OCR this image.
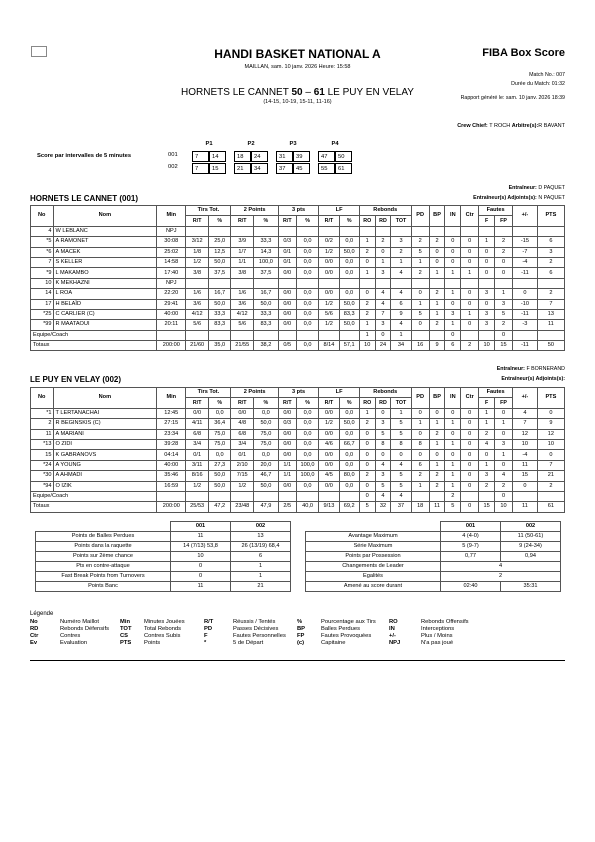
HANDI BASKET NATIONAL A	FIBA Box Score
MAILLAN, sam. 10 janv. 2026 Heure: 15:58
Match No.: 007
Durée du Match: 01:32
Rapport généré le: sam. 10 janv. 2026 18:39
HORNETS LE CANNET 50 – 61 LE PUY EN VELAY
(14-15, 10-19, 15-11, 11-16)
Crew Chief: T ROCH Arbitre(s):R BAVANT
Score par intervalles de 5 minutes
P1	P2	P3	P4
001	7	14	18	24	31	39	47	50
002	7	15	21	34	37	45	55	61
Entraîneur: D PAQUET
HORNETS LE CANNET (001)	Entraîneur(s) Adjoints(s): N PAQUET
No	Nom	Min	Tirs Tot.		2 Points		3 pts		LF		Rebonds			PD	BP	IN	Ctr	Fautes		+/-	PTS
			R/T	%	R/T	%	R/T	%	R/T	%	RO	RD	TOT					F	FP		
4	W LEBLANC	NPJ																			
*5	A RAMONET	30:08	3/12	25,0	3/9	33,3	0/3	0,0	0/2	0,0	1	2	3	2	2	0	0	1	2	-15	6
*6	A MACEK	25:02	1/8	12,5	1/7	14,3	0/1	0,0	1/2	50,0	2	0	2	5	0	0	0	0	2	-7	3
7	S KELLER	14:58	1/2	50,0	1/1	100,0	0/1	0,0	0/0	0,0	0	1	1	1	0	0	0	0	0	-4	2
*9	L MAKAMBO	17:40	3/8	37,5	3/8	37,5	0/0	0,0	0/0	0,0	1	3	4	2	1	1	1	0	0	-11	6
10	K MEKHAZNI	NPJ																			
14	L ROA	22:20	1/6	16,7	1/6	16,7	0/0	0,0	0/0	0,0	0	4	4	0	2	1	0	3	1	0	2
17	H BELAÏD	29:41	3/6	50,0	3/6	50,0	0/0	0,0	1/2	50,0	2	4	6	1	1	0	0	0	3	-10	7
*25	C CARLIER (C)	40:00	4/12	33,3	4/12	33,3	0/0	0,0	5/6	83,3	2	7	9	5	1	3	1	3	5	-11	13
*99	R MAATAOUI	20:11	5/6	83,3	5/6	83,3	0/0	0,0	1/2	50,0	1	3	4	0	2	1	0	3	2	-3	11
Equipe/Coach											1	0	1			0			0		
Totaux		200:00	21/60	35,0	21/55	38,2	0/5	0,0	8/14	57,1	10	24	34	16	9	6	2	10	15	-11	50
Entraîneur: F BORNERAND
LE PUY EN VELAY (002)	Entraîneur(s) Adjoints(s):
No	Nom	Min	Tirs Tot.		2 Points		3 pts		LF		Rebonds			PD	BP	IN	Ctr	Fautes		+/-	PTS
			R/T	%	R/T	%	R/T	%	R/T	%	RO	RD	TOT					F	FP		
*1	T LERTANACHAI	12:45	0/0	0,0	0/0	0,0	0/0	0,0	0/0	0,0	1	0	1	0	0	0	0	1	0	4	0
2	R BEGINSKIS (C)	27:15	4/11	36,4	4/8	50,0	0/3	0,0	1/2	50,0	2	3	5	1	1	1	0	1	1	7	9
11	A MARIANI	23:34	6/8	75,0	6/8	75,0	0/0	0,0	0/0	0,0	0	5	5	0	2	0	0	2	0	12	12
*13	O ZIDI	39:28	3/4	75,0	3/4	75,0	0/0	0,0	4/6	66,7	0	8	8	8	1	1	0	4	3	10	10
15	K GABRANOVS	04:14	0/1	0,0	0/1	0,0	0/0	0,0	0/0	0,0	0	0	0	0	0	0	0	0	1	-4	0
*24	A YOUNG	40:00	3/11	27,3	2/10	20,0	1/1	100,0	0/0	0,0	0	4	4	6	1	1	0	1	0	11	7
*30	A AHMADI	35:46	8/16	50,0	7/15	46,7	1/1	100,0	4/5	80,0	2	3	5	2	2	1	0	3	4	15	21
*94	O IZIK	16:59	1/2	50,0	1/2	50,0	0/0	0,0	0/0	0,0	0	5	5	1	2	1	0	2	2	0	2
Equipe/Coach											0	4	4			2			0		
Totaux		200:00	25/53	47,2	23/48	47,9	2/5	40,0	9/13	69,2	5	32	37	18	11	5	0	15	10	11	61
	001	002
Points de Balles Perdues	11	13
Points dans la raquette	14 (7/13) 53,8	26 (13/19) 68,4
Points sur 2ème chance	10	6
Pts en contre-attaque	0	1
Fast Break Points from Turnovers	0	1
Points Banc	11	21
	001	002
Avantage Maximum	4 (4-0)	11 (50-61)
Série Maximum	5 (9-7)	9 (24-34)
Points par Possession	0,77	0,94
Changements de Leader	4	
Egalités	2	
Amené au score durant	02:40	35:31
Légende
No	Numéro Maillot	Min	Minutes Jouées	R/T	Réussis / Tentés	%	Pourcentage aux Tirs	RO	Rebonds Offensifs
RD	Rebonds Défensifs	TOT	Total Rebonds	PD	Passes Décisives	BP	Balles Perdues	IN	Interceptions
Ctr	Contres	CS	Contres Subis	F	Fautes Personnelles	FP	Fautes Provoquées	+/-	Plus / Moins
Ev	Evaluation	PTS	Points	*	5 de Départ	(c)	Capitaine	NPJ	N'a pas joué
